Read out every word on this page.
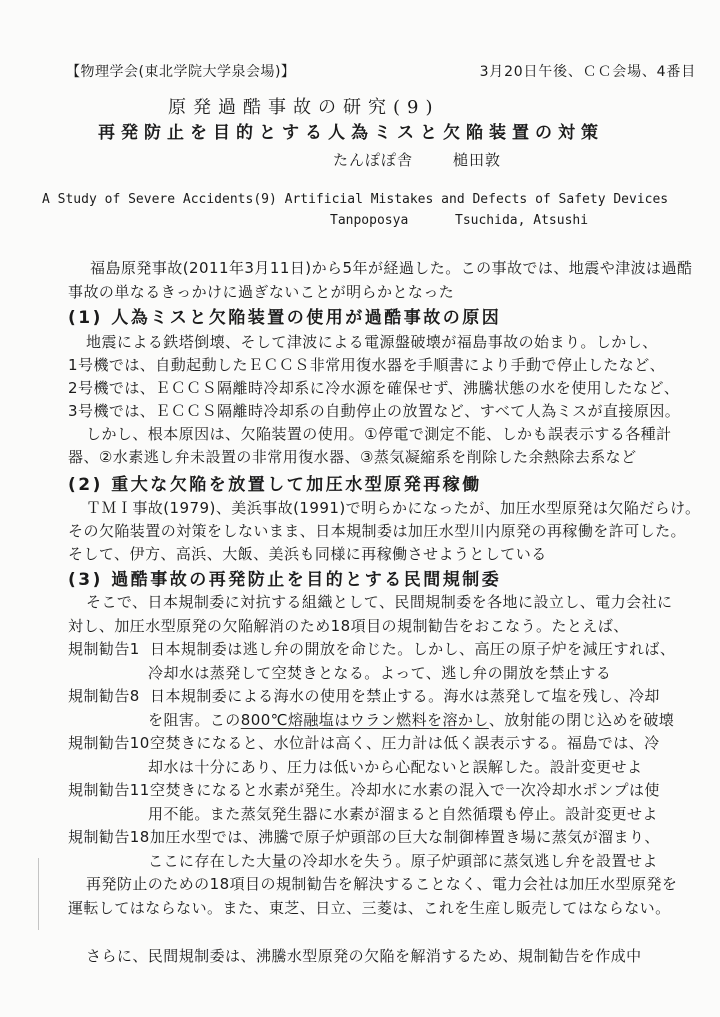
【物理学会(東北学院大学泉会場)】	3月20日午後、ＣＣ会場、4番目
原発過酷事故の研究(9)
再発防止を目的とする人為ミスと欠陥装置の対策
たんぽぽ舎	槌田敦
A Study of Severe Accidents(9) Artificial Mistakes and Defects of Safety Devices
Tanpoposya	Tsuchida, Atsushi
福島原発事故(2011年3月11日)から5年が経過した。この事故では、地震や津波は過酷
事故の単なるきっかけに過ぎないことが明らかとなった
(1) 人為ミスと欠陥装置の使用が過酷事故の原因
地震による鉄塔倒壊、そして津波による電源盤破壊が福島事故の始まり。しかし、
1号機では、自動起動したＥＣＣＳ非常用復水器を手順書により手動で停止したなど、
2号機では、ＥＣＣＳ隔離時冷却系に冷水源を確保せず、沸騰状態の水を使用したなど、
3号機では、ＥＣＣＳ隔離時冷却系の自動停止の放置など、すべて人為ミスが直接原因。
しかし、根本原因は、欠陥装置の使用。①停電で測定不能、しかも誤表示する各種計
器、②水素逃し弁未設置の非常用復水器、③蒸気凝縮系を削除した余熱除去系など
(2) 重大な欠陥を放置して加圧水型原発再稼働
ＴＭＩ事故(1979)、美浜事故(1991)で明らかになったが、加圧水型原発は欠陥だらけ。
その欠陥装置の対策をしないまま、日本規制委は加圧水型川内原発の再稼働を許可した。
そして、伊方、高浜、大飯、美浜も同様に再稼働させようとしている
(3) 過酷事故の再発防止を目的とする民間規制委
そこで、日本規制委に対抗する組織として、民間規制委を各地に設立し、電力会社に
対し、加圧水型原発の欠陥解消のため18項目の規制勧告をおこなう。たとえば、
規制勧告1 日本規制委は逃し弁の開放を命じた。しかし、高圧の原子炉を減圧すれば、
冷却水は蒸発して空焚きとなる。よって、逃し弁の開放を禁止する
規制勧告8 日本規制委による海水の使用を禁止する。海水は蒸発して塩を残し、冷却
を阻害。この800℃熔融塩はウラン燃料を溶かし、放射能の閉じ込めを破壊
規制勧告10空焚きになると、水位計は高く、圧力計は低く誤表示する。福島では、冷
却水は十分にあり、圧力は低いから心配ないと誤解した。設計変更せよ
規制勧告11空焚きになると水素が発生。冷却水に水素の混入で一次冷却水ポンプは使
用不能。また蒸気発生器に水素が溜まると自然循環も停止。設計変更せよ
規制勧告18加圧水型では、沸騰で原子炉頭部の巨大な制御棒置き場に蒸気が溜まり、
ここに存在した大量の冷却水を失う。原子炉頭部に蒸気逃し弁を設置せよ
再発防止のための18項目の規制勧告を解決することなく、電力会社は加圧水型原発を
運転してはならない。また、東芝、日立、三菱は、これを生産し販売してはならない。
さらに、民間規制委は、沸騰水型原発の欠陥を解消するため、規制勧告を作成中
